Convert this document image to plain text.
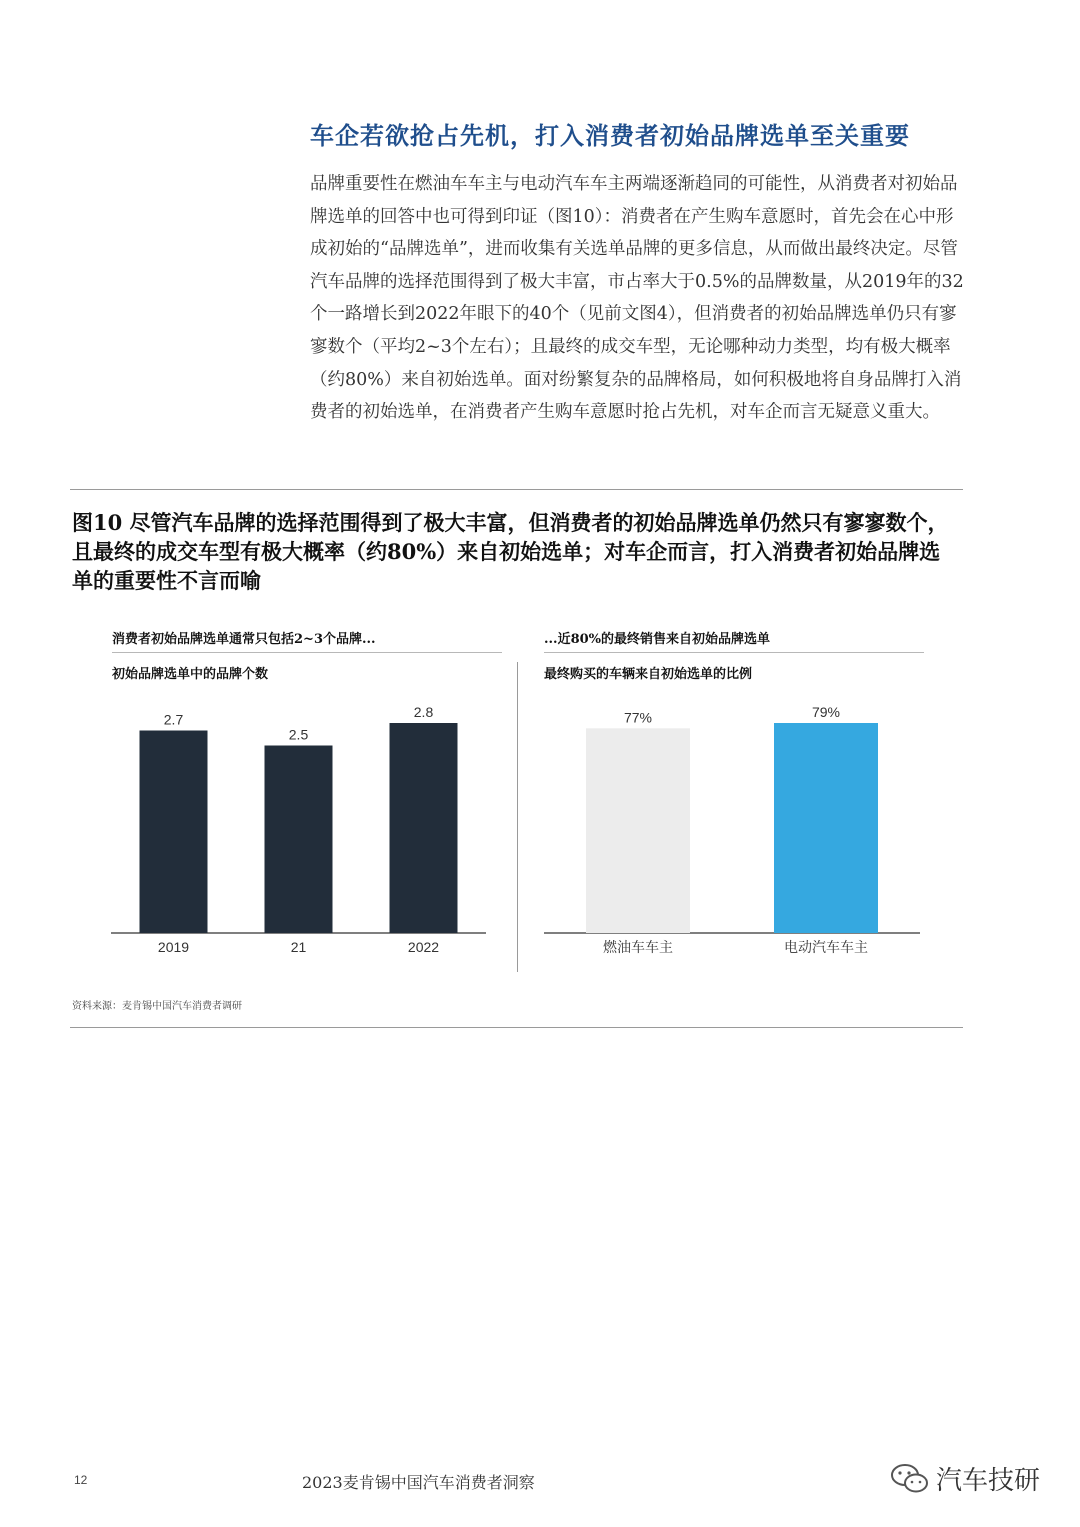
车企若欲抢占先机，打入消费者初始品牌选单至关重要
品牌重要性在燃油车车主与电动汽车车主两端逐渐趋同的可能性，从消费者对初始品牌选单的回答中也可得到印证（图10）：消费者在产生购车意愿时，首先会在心中形成初始的“品牌选单”，进而收集有关选单品牌的更多信息，从而做出最终决定。尽管汽车品牌的选择范围得到了极大丰富，市占率大于0.5%的品牌数量，从2019年的32个一路增长到2022年眼下的40个（见前文图4），但消费者的初始品牌选单仍只有寥寥数个（平均2~3个左右）；且最终的成交车型，无论哪种动力类型，均有极大概率（约80%）来自初始选单。面对纷繁复杂的品牌格局，如何积极地将自身品牌打入消费者的初始选单，在消费者产生购车意愿时抢占先机，对车企而言无疑意义重大。
图10 尽管汽车品牌的选择范围得到了极大丰富，但消费者的初始品牌选单仍然只有寥寥数个，且最终的成交车型有极大概率（约80%）来自初始选单；对车企而言，打入消费者初始品牌选单的重要性不言而喻
消费者初始品牌选单通常只包括2~3个品牌...
初始品牌选单中的品牌个数
...近80%的最终销售来自初始品牌选单
最终购买的车辆来自初始选单的比例
2.7
2019
2.5
21
2.8
2022
77%
燃油车车主
79%
电动汽车车主
资料来源：麦肯锡中国汽车消费者调研
12	2023麦肯锡中国汽车消费者洞察	汽车技研
